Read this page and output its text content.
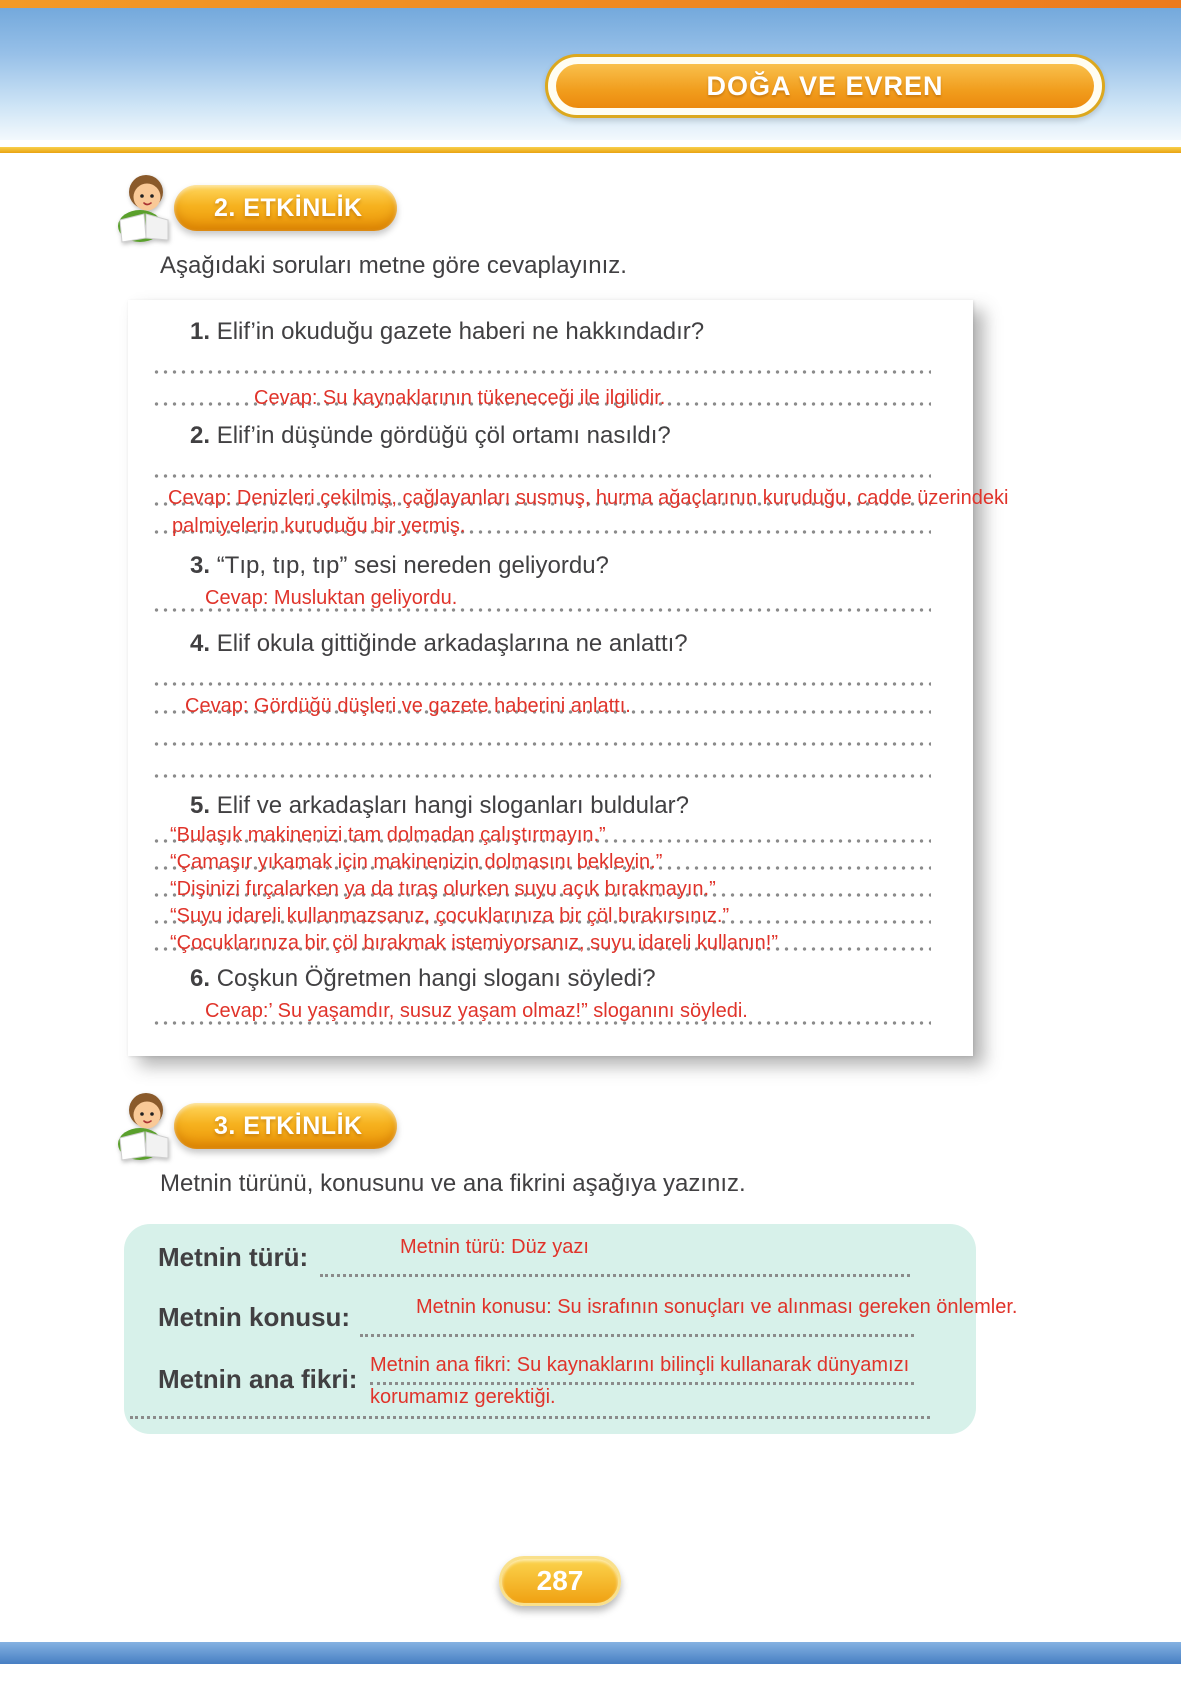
DOĞA VE EVREN
2. ETKİNLİK

Aşağıdaki soruları metne göre cevaplayınız.

1. Elif’in okuduğu gazete haberi ne hakkındadır?
Cevap: Su kaynaklarının tükeneceği ile ilgilidir.
2. Elif’in düşünde gördüğü çöl ortamı nasıldı?
Cevap: Denizleri çekilmiş, çağlayanları susmuş, hurma ağaçlarının kuruduğu, cadde üzerindeki
palmiyelerin kuruduğu bir yermiş.
3. “Tıp, tıp, tıp” sesi nereden geliyordu?
Cevap: Musluktan geliyordu.
4. Elif okula gittiğinde arkadaşlarına ne anlattı?
Cevap: Gördüğü düşleri ve gazete haberini anlattı.
5. Elif ve arkadaşları hangi sloganları buldular?
“Bulaşık makinenizi tam dolmadan çalıştırmayın.”
“Çamaşır yıkamak için makinenizin dolmasını bekleyin.”
“Dişinizi fırçalarken ya da tıraş olurken suyu açık bırakmayın.”
“Suyu idareli kullanmazsanız, çocuklarınıza bir çöl bırakırsınız.”
“Çocuklarınıza bir çöl bırakmak istemiyorsanız, suyu idareli kullanın!”
6. Coşkun Öğretmen hangi sloganı söyledi?
Cevap:’ Su yaşamdır, susuz yaşam olmaz!” sloganını söyledi.
3. ETKİNLİK

Metnin türünü, konusunu ve ana fikrini aşağıya yazınız.

Metnin türü:	Metnin türü: Düz yazı
Metnin konusu:	Metnin konusu: Su israfının sonuçları ve alınması gereken önlemler.
Metnin ana fikri: Metnin ana fikri: Su kaynaklarını bilinçli kullanarak dünyamızı
korumamız gerektiği.
287
